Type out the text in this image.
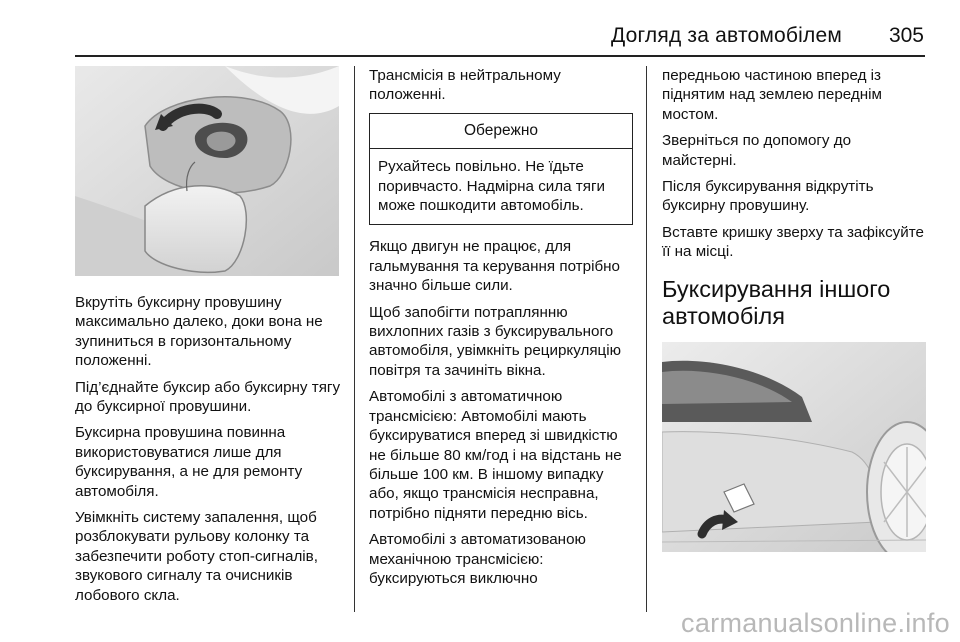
Догляд за автомобілем 305

Вкрутіть буксирну провушину максимально далеко, доки вона не зупиниться в горизонтальному положенні.

Під’єднайте буксир або буксирну тягу до буксирної провушини.

Буксирна провушина повинна використовуватися лише для буксирування, а не для ремонту автомобіля.

Увімкніть систему запалення, щоб розблокувати рульову колонку та забезпечити роботу стоп-сигналів, звукового сигналу та очисників лобового скла.

Трансмісія в нейтральному положенні.

Обережно
Рухайтесь повільно. Не їдьте поривчасто. Надмірна сила тяги може пошкодити автомобіль.

Якщо двигун не працює, для гальмування та керування потрібно значно більше сили.

Щоб запобігти потраплянню вихлопних газів з буксирувального автомобіля, увімкніть рециркуляцію повітря та зачиніть вікна.

Автомобілі з автоматичною трансмісією: Автомобілі мають буксируватися вперед зі швидкістю не більше 80 км/год і на відстань не більше 100 км. В іншому випадку або, якщо трансмісія несправна, потрібно підняти передню вісь.

Автомобілі з автоматизованою механічною трансмісією: буксируються виключно

передньою частиною вперед із піднятим над землею переднім мостом.

Зверніться по допомогу до майстерні.

Після буксирування відкрутіть буксирну провушину.

Вставте кришку зверху та зафіксуйте її на місці.

Буксирування іншого автомобіля
carmanualsonline.info
